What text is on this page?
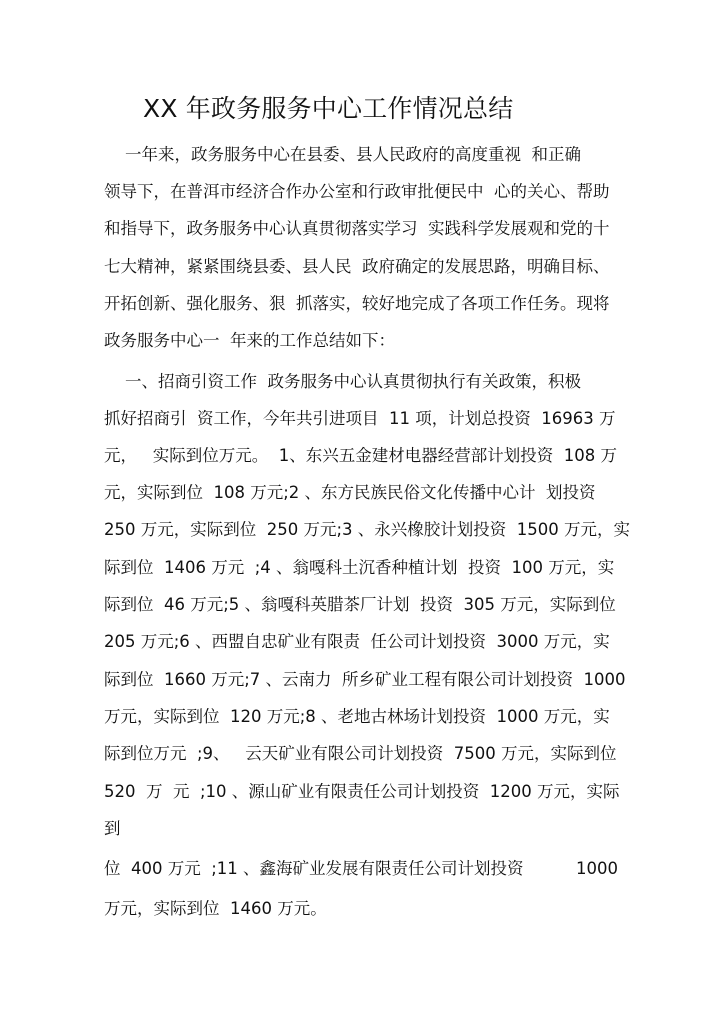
XX 年政务服务中心工作情况总结
一年来，政务服务中心在县委、县人民政府的高度重视  和正确
领导下，在普洱市经济合作办公室和行政审批便民中  心的关心、帮助
和指导下，政务服务中心认真贯彻落实学习  实践科学发展观和党的十
七大精神，紧紧围绕县委、县人民  政府确定的发展思路，明确目标、
开拓创新、强化服务、狠  抓落实，较好地完成了各项工作任务。现将
政务服务中心一  年来的工作总结如下：
一、招商引资工作  政务服务中心认真贯彻执行有关政策，积极
抓好招商引  资工作，今年共引进项目  11 项，计划总投资  16963 万
元，   实际到位万元。  1、东兴五金建材电器经营部计划投资  108 万
元，实际到位  108 万元;2 、东方民族民俗文化传播中心计  划投资
250 万元，实际到位  250 万元;3 、永兴橡胶计划投资  1500 万元，实
际到位  1406 万元  ;4 、翁嘎科土沉香种植计划  投资  100 万元，实
际到位  46 万元;5 、翁嘎科英腊茶厂计划  投资  305 万元，实际到位
205 万元;6 、西盟自忠矿业有限责  任公司计划投资  3000 万元，实
际到位  1660 万元;7 、云南力  所乡矿业工程有限公司计划投资  1000
万元，实际到位  120 万元;8 、老地古林场计划投资  1000 万元，实
际到位万元  ;9、   云天矿业有限公司计划投资  7500 万元，实际到位
520  万  元  ;10 、源山矿业有限责任公司计划投资  1200 万元，实际
到
位  400 万元  ;11 、鑫海矿业发展有限责任公司计划投资          1000
万元，实际到位  1460 万元。
